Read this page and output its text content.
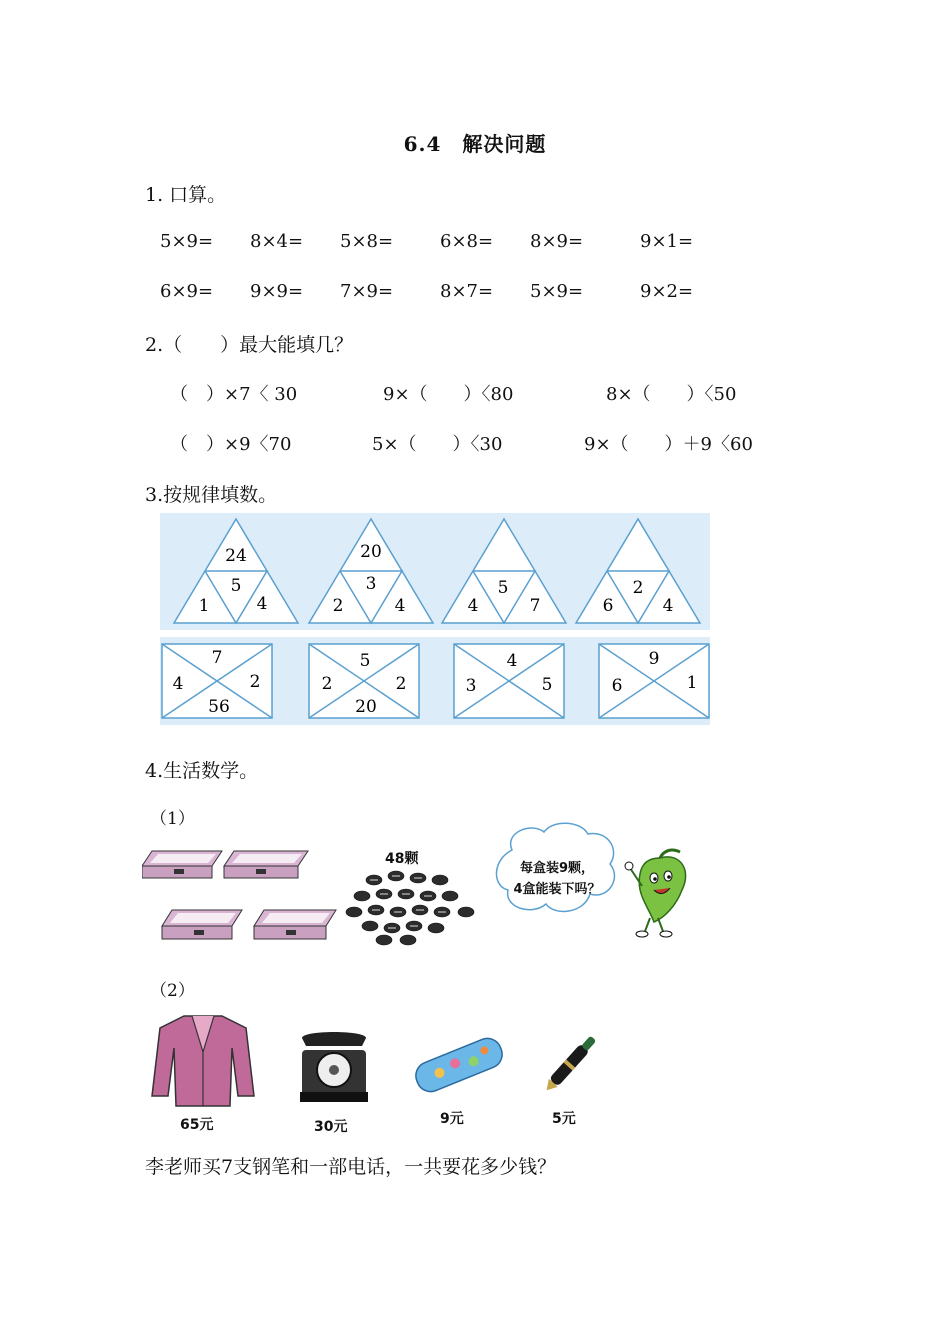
6.4　解决问题
1. 口算。
5×9= 8×4= 5×8=	6×8= 8×9=	9×1=
6×9= 9×9= 7×9=	8×7= 5×9=	9×2=
2.（　　）最大能填几？
（　）×7〈 30	9×（　　）〈80	8×（　　）〈50
（　）×9〈70	5×（　　）〈30	9×（　　）＋9〈60
3.按规律填数。
24
5
1	4
20
3
2	4
5
4	7
2
6	4
7
4	2
56
5
2	2
20
4
3	5
9
6	1
4.生活数学。
（1）
48颗
每盒装9颗，
4盒能装下吗？
（2）
65元	30元	9元	5元
李老师买7支钢笔和一部电话，一共要花多少钱？
